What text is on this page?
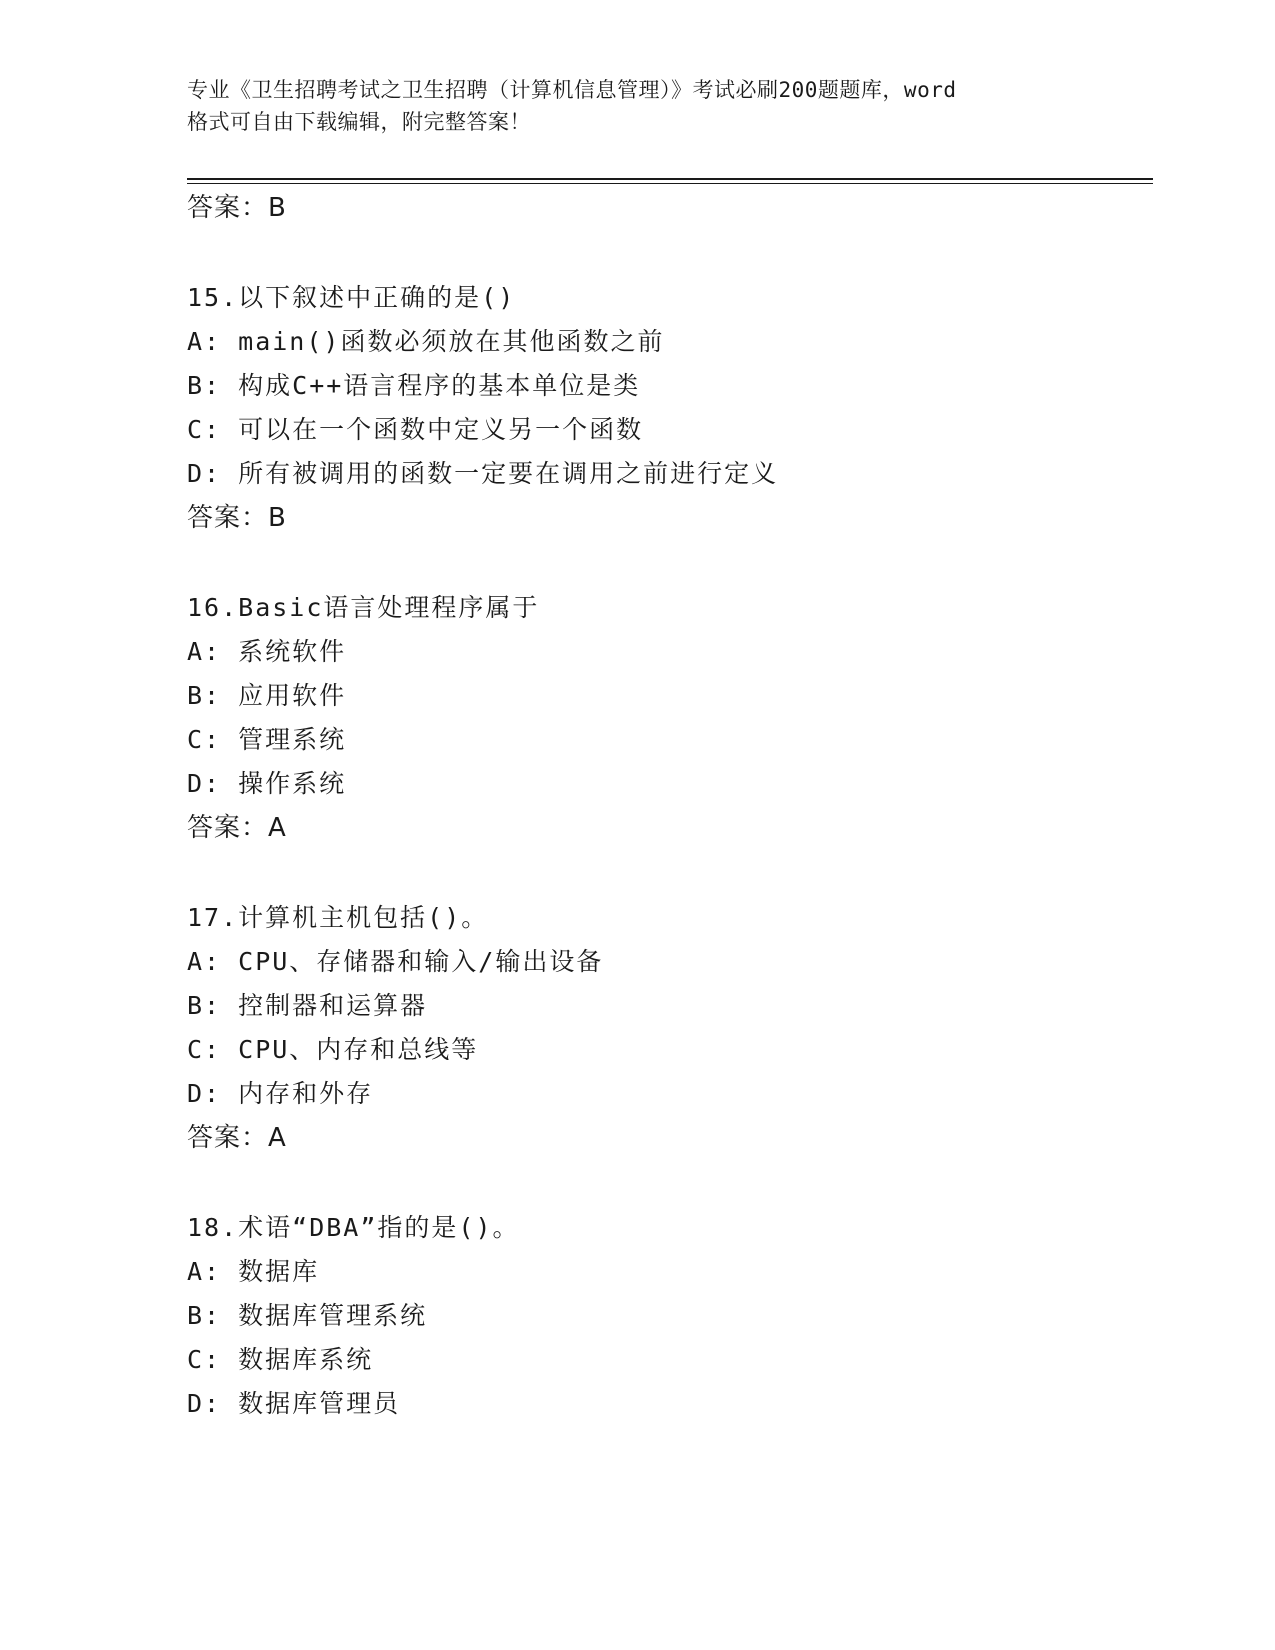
专业《卫生招聘考试之卫生招聘（计算机信息管理）》考试必刷200题题库，word
格式可自由下载编辑，附完整答案！
答案：B
15.以下叙述中正确的是()
A: main()函数必须放在其他函数之前
B: 构成C++语言程序的基本单位是类
C: 可以在一个函数中定义另一个函数
D: 所有被调用的函数一定要在调用之前进行定义
答案：B
16.Basic语言处理程序属于
A: 系统软件
B: 应用软件
C: 管理系统
D: 操作系统
答案：A
17.计算机主机包括()。
A: CPU、存储器和输入/输出设备
B: 控制器和运算器
C: CPU、内存和总线等
D: 内存和外存
答案：A
18.术语“DBA”指的是()。
A: 数据库
B: 数据库管理系统
C: 数据库系统
D: 数据库管理员
